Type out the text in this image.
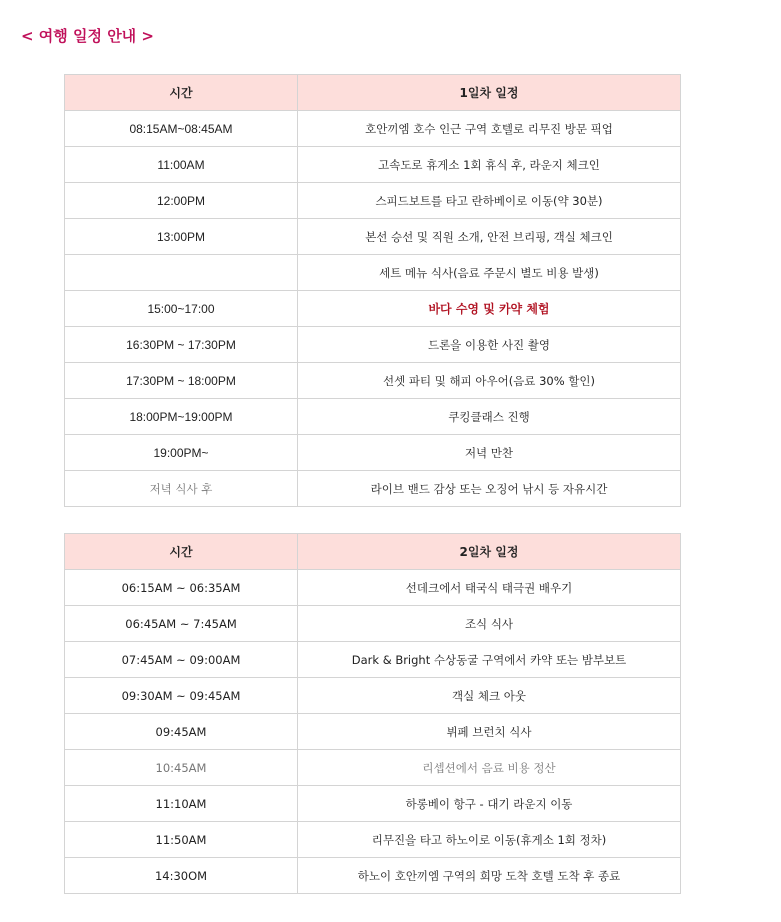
< 여행 일정 안내 >
시간	1일차 일정
08:15AM~08:45AM	호안끼엠 호수 인근 구역 호텔로 리무진 방문 픽업
11:00AM	고속도로 휴게소 1회 휴식 후, 라운지 체크인
12:00PM	스피드보트를 타고 란하베이로 이동(약 30분)
13:00PM	본선 승선 및 직원 소개, 안전 브리핑, 객실 체크인
	세트 메뉴 식사(음료 주문시 별도 비용 발생)
15:00~17:00	바다 수영 및 카약 체험
16:30PM ~ 17:30PM	드론을 이용한 사진 촬영
17:30PM ~ 18:00PM	선셋 파티 및 해피 아우어(음료 30% 할인)
18:00PM~19:00PM	쿠킹클래스 진행
19:00PM~	저녁 만찬
저녁 식사 후	라이브 밴드 감상 또는 오징어 낚시 등 자유시간
시간	2일차 일정
06:15AM ~ 06:35AM	선데크에서 태국식 태극권 배우기
06:45AM ~ 7:45AM	조식 식사
07:45AM ~ 09:00AM	Dark & Bright 수상동굴 구역에서 카약 또는 밤부보트
09:30AM ~ 09:45AM	객실 체크 아웃
09:45AM	뷔페 브런치 식사
10:45AM	리셉션에서 음료 비용 정산
11:10AM	하롱베이 항구 - 대기 라운지 이동
11:50AM	리무진을 타고 하노이로 이동(휴게소 1회 정차)
14:30OM	하노이 호안끼엠 구역의 희망 도착 호텔 도착 후 종료
